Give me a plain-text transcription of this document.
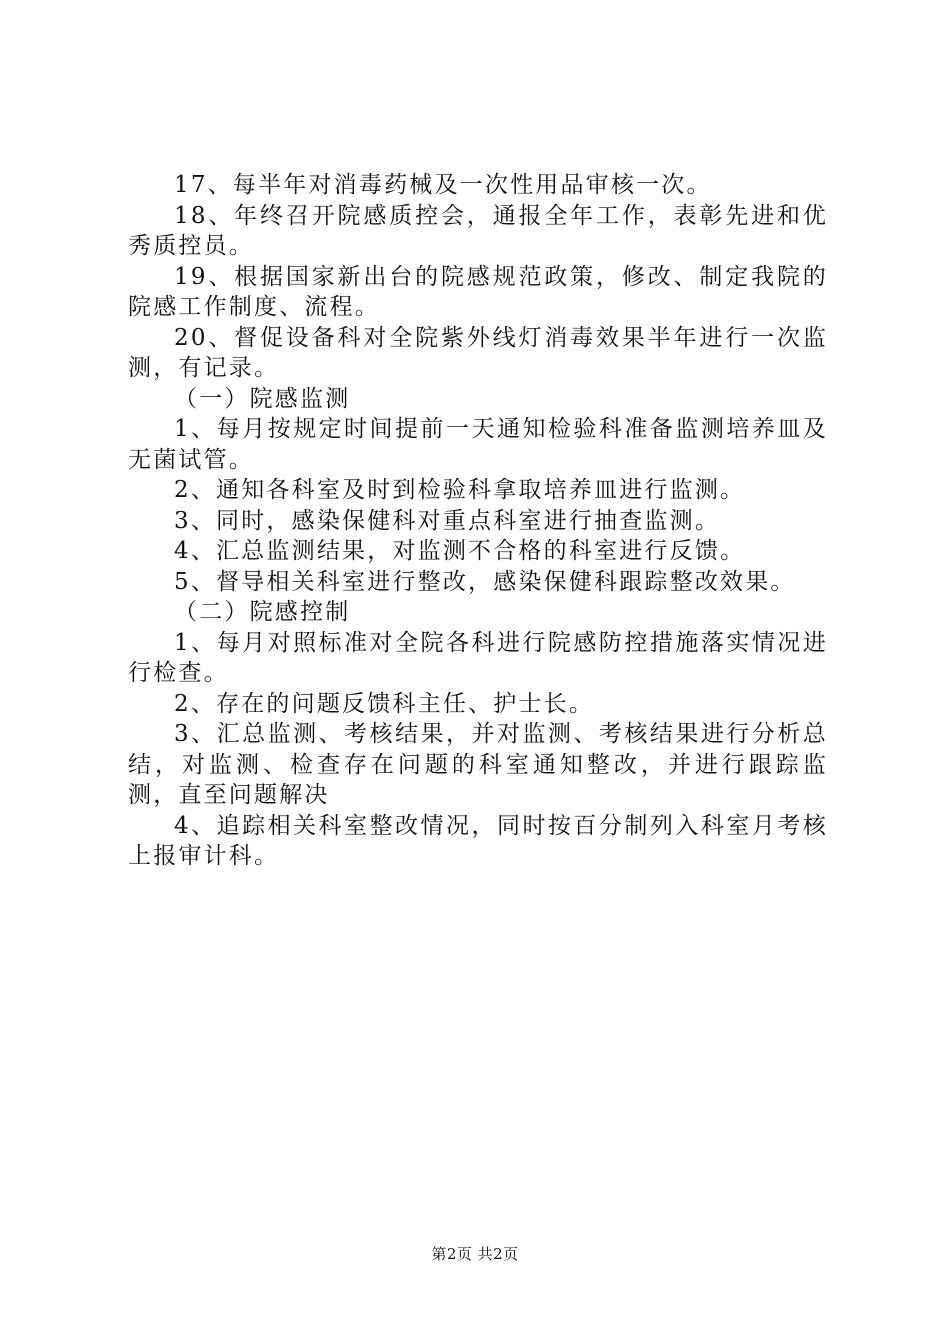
17、每半年对消毒药械及一次性用品审核一次。

18、年终召开院感质控会，通报全年工作，表彰先进和优秀质控员。

19、根据国家新出台的院感规范政策，修改、制定我院的院感工作制度、流程。

20、督促设备科对全院紫外线灯消毒效果半年进行一次监测，有记录。

（一）院感监测

1、每月按规定时间提前一天通知检验科准备监测培养皿及无菌试管。

2、通知各科室及时到检验科拿取培养皿进行监测。

3、同时，感染保健科对重点科室进行抽查监测。

4、汇总监测结果，对监测不合格的科室进行反馈。

5、督导相关科室进行整改，感染保健科跟踪整改效果。

（二）院感控制

1、每月对照标准对全院各科进行院感防控措施落实情况进行检查。

2、存在的问题反馈科主任、护士长。

3、汇总监测、考核结果，并对监测、考核结果进行分析总结，对监测、检查存在问题的科室通知整改，并进行跟踪监测，直至问题解决

4、追踪相关科室整改情况，同时按百分制列入科室月考核上报审计科。

第2页 共2页
